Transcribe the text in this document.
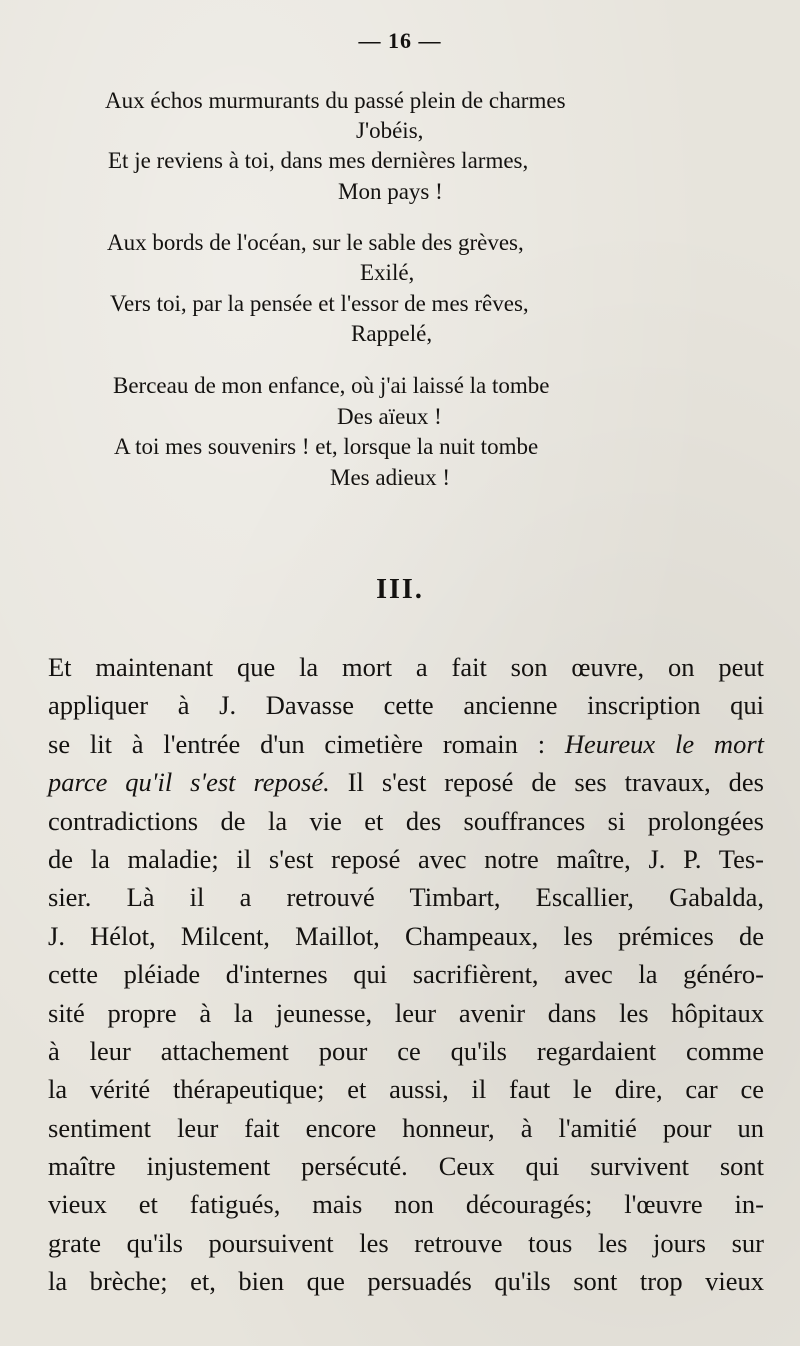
— 16 —
Aux échos murmurants du passé plein de charmes
J'obéis,
Et je reviens à toi, dans mes dernières larmes,
Mon pays !
Aux bords de l'océan, sur le sable des grèves,
Exilé,
Vers toi, par la pensée et l'essor de mes rêves,
Rappelé,
Berceau de mon enfance, où j'ai laissé la tombe
Des aïeux !
A toi mes souvenirs ! et, lorsque la nuit tombe
Mes adieux !
III.
Et maintenant que la mort a fait son œuvre, on peut
appliquer à J. Davasse cette ancienne inscription qui
se lit à l'entrée d'un cimetière romain : Heureux le mort
parce qu'il s'est reposé. Il s'est reposé de ses travaux, des
contradictions de la vie et des souffrances si prolongées
de la maladie; il s'est reposé avec notre maître, J. P. Tes-
sier. Là il a retrouvé Timbart, Escallier, Gabalda,
J. Hélot, Milcent, Maillot, Champeaux, les prémices de
cette pléiade d'internes qui sacrifièrent, avec la généro-
sité propre à la jeunesse, leur avenir dans les hôpitaux
à leur attachement pour ce qu'ils regardaient comme
la vérité thérapeutique; et aussi, il faut le dire, car ce
sentiment leur fait encore honneur, à l'amitié pour un
maître injustement persécuté. Ceux qui survivent sont
vieux et fatigués, mais non découragés; l'œuvre in-
grate qu'ils poursuivent les retrouve tous les jours sur
la brèche; et, bien que persuadés qu'ils sont trop vieux
